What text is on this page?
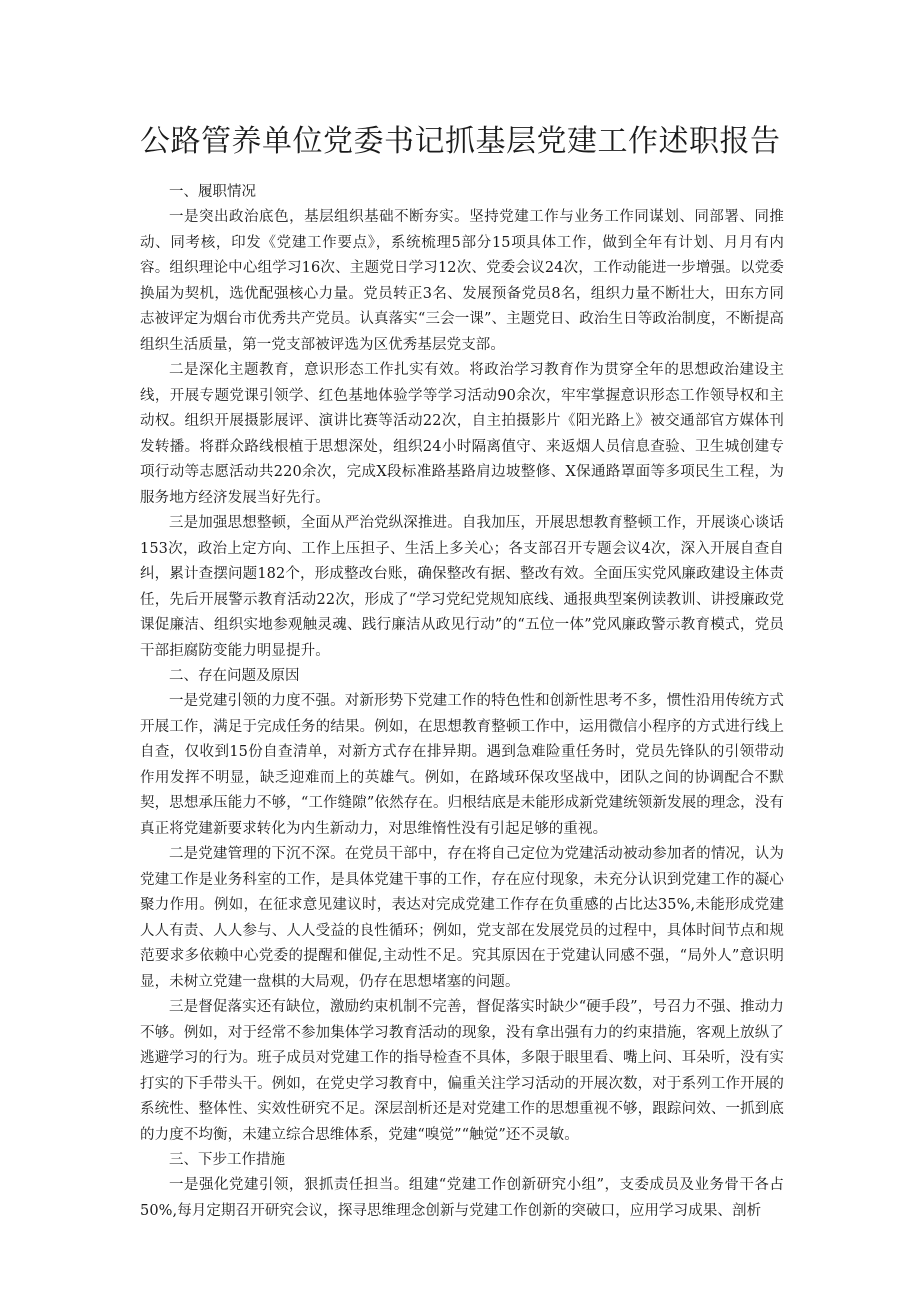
公路管养单位党委书记抓基层党建工作述职报告

一、履职情况

一是突出政治底色，基层组织基础不断夯实。坚持党建工作与业务工作同谋划、同部署、同推动、同考核，印发《党建工作要点》，系统梳理5部分15项具体工作，做到全年有计划、月月有内容。组织理论中心组学习16次、主题党日学习12次、党委会议24次，工作动能进一步增强。以党委换届为契机，选优配强核心力量。党员转正3名、发展预备党员8名，组织力量不断壮大，田东方同志被评定为烟台市优秀共产党员。认真落实“三会一课”、主题党日、政治生日等政治制度，不断提高组织生活质量，第一党支部被评选为区优秀基层党支部。

二是深化主题教育，意识形态工作扎实有效。将政治学习教育作为贯穿全年的思想政治建设主线，开展专题党课引领学、红色基地体验学等学习活动90余次，牢牢掌握意识形态工作领导权和主动权。组织开展摄影展评、演讲比赛等活动22次，自主拍摄影片《阳光路上》被交通部官方媒体刊发转播。将群众路线根植于思想深处，组织24小时隔离值守、来返烟人员信息查验、卫生城创建专项行动等志愿活动共220余次，完成X段标准路基路肩边坡整修、X保通路罩面等多项民生工程，为服务地方经济发展当好先行。

三是加强思想整顿，全面从严治党纵深推进。自我加压，开展思想教育整顿工作，开展谈心谈话153次，政治上定方向、工作上压担子、生活上多关心；各支部召开专题会议4次，深入开展自查自纠，累计查摆问题182个，形成整改台账，确保整改有据、整改有效。全面压实党风廉政建设主体责任，先后开展警示教育活动22次，形成了“学习党纪党规知底线、通报典型案例读教训、讲授廉政党课促廉洁、组织实地参观触灵魂、践行廉洁从政见行动”的“五位一体”党风廉政警示教育模式，党员干部拒腐防变能力明显提升。

二、存在问题及原因

一是党建引领的力度不强。对新形势下党建工作的特色性和创新性思考不多，惯性沿用传统方式开展工作，满足于完成任务的结果。例如，在思想教育整顿工作中，运用微信小程序的方式进行线上自查，仅收到15份自查清单，对新方式存在排异期。遇到急难险重任务时，党员先锋队的引领带动作用发挥不明显，缺乏迎难而上的英雄气。例如，在路域环保攻坚战中，团队之间的协调配合不默契，思想承压能力不够，“工作缝隙”依然存在。归根结底是未能形成新党建统领新发展的理念，没有真正将党建新要求转化为内生新动力，对思维惰性没有引起足够的重视。

二是党建管理的下沉不深。在党员干部中，存在将自己定位为党建活动被动参加者的情况，认为党建工作是业务科室的工作，是具体党建干事的工作，存在应付现象，未充分认识到党建工作的凝心聚力作用。例如，在征求意见建议时，表达对完成党建工作存在负重感的占比达35%,未能形成党建人人有责、人人参与、人人受益的良性循环；例如，党支部在发展党员的过程中，具体时间节点和规范要求多依赖中心党委的提醒和催促,主动性不足。究其原因在于党建认同感不强，“局外人”意识明显，未树立党建一盘棋的大局观，仍存在思想堵塞的问题。

三是督促落实还有缺位，激励约束机制不完善，督促落实时缺少“硬手段”，号召力不强、推动力不够。例如，对于经常不参加集体学习教育活动的现象，没有拿出强有力的约束措施，客观上放纵了逃避学习的行为。班子成员对党建工作的指导检查不具体，多限于眼里看、嘴上问、耳朵听，没有实打实的下手带头干。例如，在党史学习教育中，偏重关注学习活动的开展次数，对于系列工作开展的系统性、整体性、实效性研究不足。深层剖析还是对党建工作的思想重视不够，跟踪问效、一抓到底的力度不均衡，未建立综合思维体系，党建“嗅觉”“触觉”还不灵敏。

三、下步工作措施

一是强化党建引领，狠抓责任担当。组建“党建工作创新研究小组”，支委成员及业务骨干各占50%,每月定期召开研究会议，探寻思维理念创新与党建工作创新的突破口，应用学习成果、剖析
